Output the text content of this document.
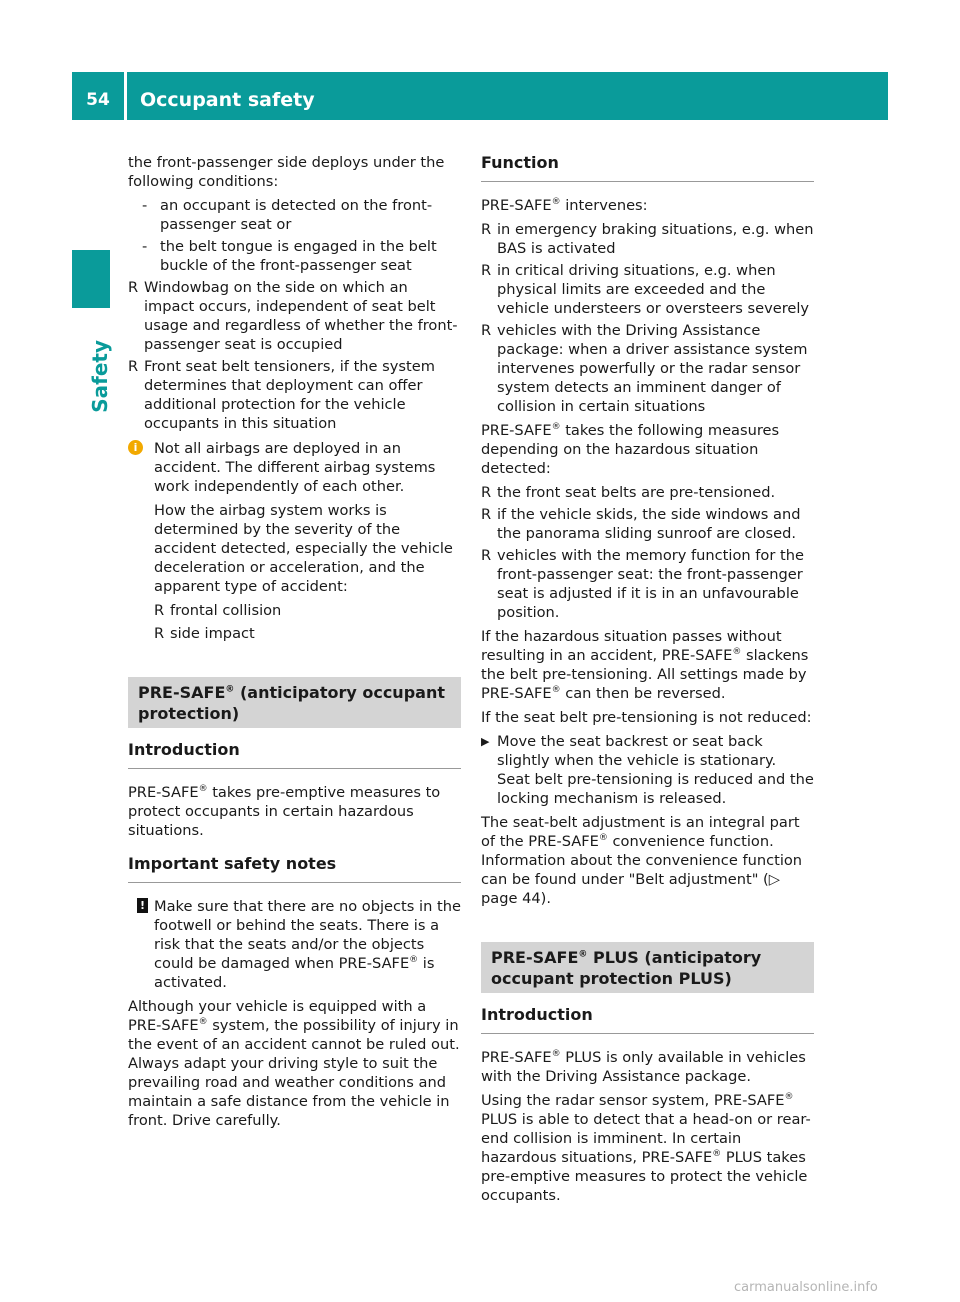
54	Occupant safety
Safety

the front-passenger side deploys under the following conditions:

- an occupant is detected on the front-passenger seat or
- the belt tongue is engaged in the belt buckle of the front-passenger seat
R Windowbag on the side on which an impact occurs, independent of seat belt usage and regardless of whether the front-passenger seat is occupied
R Front seat belt tensioners, if the system determines that deployment can offer additional protection for the vehicle occupants in this situation
i	Not all airbags are deployed in an accident. The different airbag systems work independently of each other.

How the airbag system works is determined by the severity of the accident detected, especially the vehicle deceleration or acceleration, and the apparent type of accident:

R frontal collision
R side impact
PRE-SAFE® (anticipatory occupant protection)
Introduction

PRE-SAFE® takes pre-emptive measures to protect occupants in certain hazardous situations.

Important safety notes
! Make sure that there are no objects in the footwell or behind the seats. There is a risk that the seats and/or the objects could be damaged when PRE-SAFE® is activated.

Although your vehicle is equipped with a PRE-SAFE® system, the possibility of injury in the event of an accident cannot be ruled out. Always adapt your driving style to suit the prevailing road and weather conditions and maintain a safe distance from the vehicle in front. Drive carefully.

Function

PRE-SAFE® intervenes:

R in emergency braking situations, e.g. when BAS is activated
R in critical driving situations, e.g. when physical limits are exceeded and the vehicle understeers or oversteers severely
R vehicles with the Driving Assistance package: when a driver assistance system intervenes powerfully or the radar sensor system detects an imminent danger of collision in certain situations

PRE-SAFE® takes the following measures depending on the hazardous situation detected:

R the front seat belts are pre-tensioned.
R if the vehicle skids, the side windows and the panorama sliding sunroof are closed.
R vehicles with the memory function for the front-passenger seat: the front-passenger seat is adjusted if it is in an unfavourable position.

If the hazardous situation passes without resulting in an accident, PRE-SAFE® slackens the belt pre-tensioning. All settings made by PRE-SAFE® can then be reversed.

If the seat belt pre-tensioning is not reduced:

▶ Move the seat backrest or seat back slightly when the vehicle is stationary.
Seat belt pre-tensioning is reduced and the locking mechanism is released.

The seat-belt adjustment is an integral part of the PRE-SAFE® convenience function. Information about the convenience function can be found under "Belt adjustment" (▷ page 44).

PRE-SAFE® PLUS (anticipatory occupant protection PLUS)
Introduction

PRE-SAFE® PLUS is only available in vehicles with the Driving Assistance package.

Using the radar sensor system, PRE-SAFE® PLUS is able to detect that a head-on or rear-end collision is imminent. In certain hazardous situations, PRE-SAFE® PLUS takes pre-emptive measures to protect the vehicle occupants.

carmanualsonline.info
